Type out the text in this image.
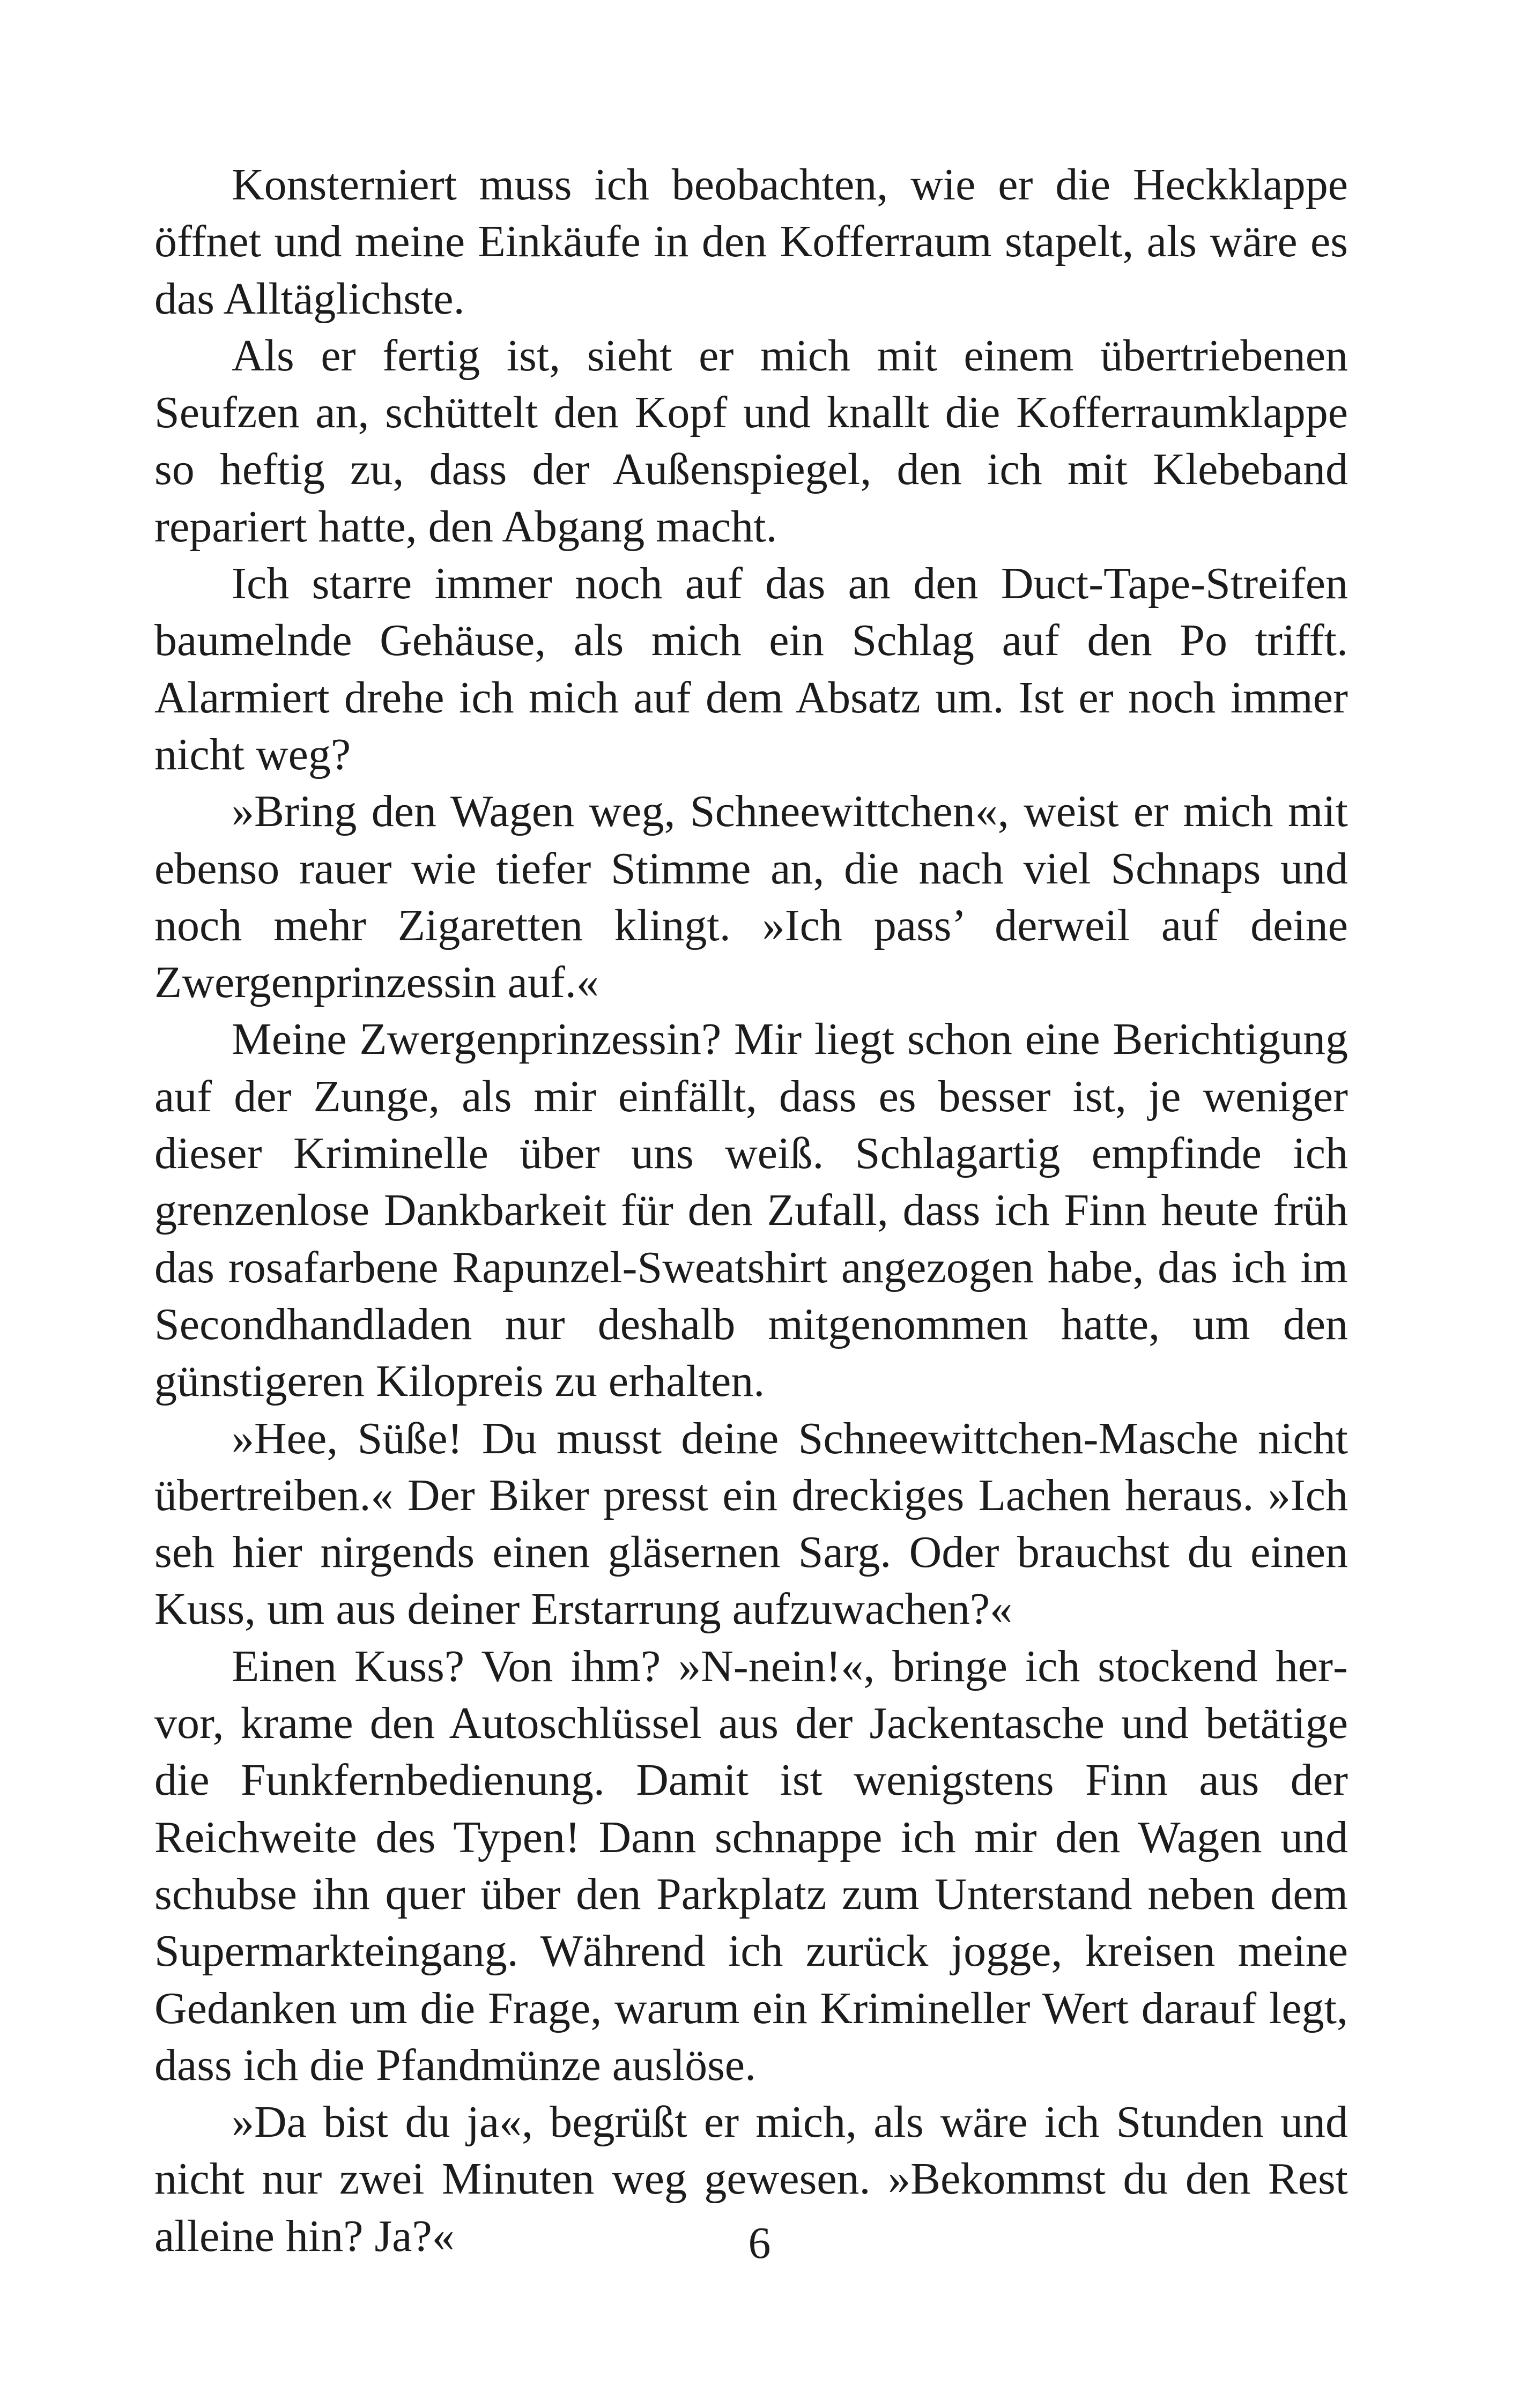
Konsterniert muss ich beobachten, wie er die Heckklappe öffnet und meine Einkäufe in den Kofferraum stapelt, als wäre es das Alltäglichste.

Als er fertig ist, sieht er mich mit einem übertriebenen Seufzen an, schüttelt den Kopf und knallt die Kofferraumklappe so heftig zu, dass der Außenspiegel, den ich mit Klebeband repariert hatte, den Abgang macht.

Ich starre immer noch auf das an den Duct-Tape-Streifen baumelnde Gehäuse, als mich ein Schlag auf den Po trifft. Alarmiert drehe ich mich auf dem Absatz um. Ist er noch immer nicht weg?

»Bring den Wagen weg, Schneewittchen«, weist er mich mit ebenso rauer wie tiefer Stimme an, die nach viel Schnaps und noch mehr Zigaretten klingt. »Ich pass’ derweil auf deine Zwergenprinzessin auf.«

Meine Zwergenprinzessin? Mir liegt schon eine Berichtigung auf der Zunge, als mir einfällt, dass es besser ist, je weniger dieser Kriminelle über uns weiß. Schlagartig empfinde ich grenzenlose Dankbarkeit für den Zufall, dass ich Finn heute früh das rosafarbene Rapunzel-Sweatshirt angezogen habe, das ich im Secondhandladen nur deshalb mitgenommen hatte, um den günstigeren Kilopreis zu erhalten.

»Hee, Süße! Du musst deine Schneewittchen-Masche nicht übertreiben.« Der Biker presst ein dreckiges Lachen heraus. »Ich seh hier nirgends einen gläsernen Sarg. Oder brauchst du einen Kuss, um aus deiner Erstarrung aufzuwachen?«

Einen Kuss? Von ihm? »N-nein!«, bringe ich stockend hervor, krame den Autoschlüssel aus der Jackentasche und betätige die Funkfernbedienung. Damit ist wenigstens Finn aus der Reichweite des Typen! Dann schnappe ich mir den Wagen und schubse ihn quer über den Parkplatz zum Unterstand neben dem Supermarkteingang. Während ich zurück jogge, kreisen meine Gedanken um die Frage, warum ein Krimineller Wert darauf legt, dass ich die Pfandmünze auslöse.

»Da bist du ja«, begrüßt er mich, als wäre ich Stunden und nicht nur zwei Minuten weg gewesen. »Bekommst du den Rest alleine hin? Ja?«	6
